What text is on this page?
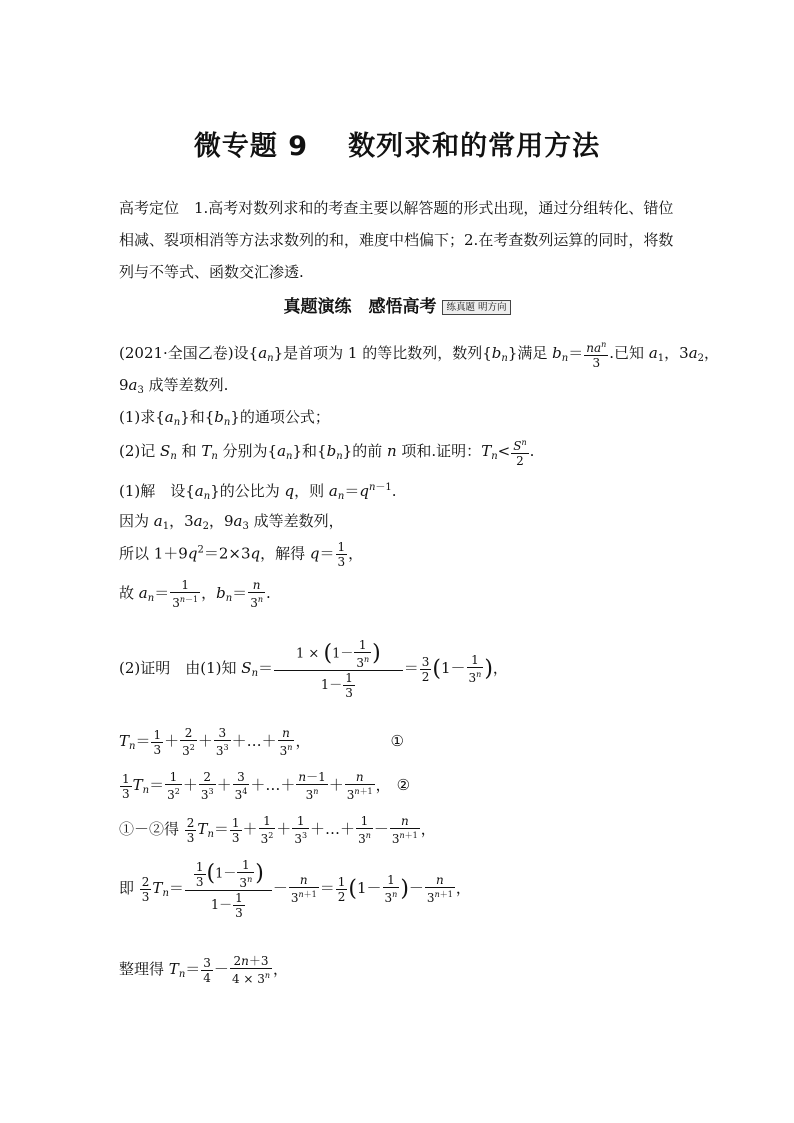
微专题 9 数列求和的常用方法
高考定位　1.高考对数列求和的考查主要以解答题的形式出现，通过分组转化、错位相减、裂项相消等方法求数列的和，难度中档偏下；2.在考查数列运算的同时，将数列与不等式、函数交汇渗透.
真题演练　感悟高考 练真题 明方向
(2021·全国乙卷)设$\{a_n\}$是首项为 1 的等比数列，数列$\{b_n\}$满足 $b_n= na^n$
3
.已知 $a_1$，$3a_2$，
$9a_3$ 成等差数列.
(1)求$\{a_n\}$和$\{b_n\}$的通项公式；
(2)记 $S_n$ 和 $T_n$ 分别为$\{a_n\}$和$\{b_n\}$的前 n 项和.证明：$T_n< \frac{S^n}{2}$ .
(1)解　设$\{a_n\}$的公比为 q，则 $a_n=q^{n-1}$.
因为 $a_1$，$3a_2$，$9a_3$ 成等差数列，
所以 $1+9q^2=2\times 3q$，解得 $q= \frac{1}{3}$ ，
故 $a_n= \frac{1}{3^{n-1}}$ ，$b_n= \frac{n}{3^n}$ .
(2)证明　由(1)知 $S_n= \frac{1 \times (1- \frac{1}{3^n} )}{1- \frac{1}{3}} = \frac{3}{2} (1- \frac{1}{3^n}$ )，
$T_n= \frac{1}{3} + \frac{2}{3^2} + \frac{3}{3^3}$ ＋…＋ $\frac{n}{3^n}$ ，	①
$\frac{1}{3} T_n= \frac{1}{3^2} + \frac{2}{3^3} + \frac{3}{3^4}$ ＋…＋ $\frac{n-1}{3^n} + \frac{n}{3^{n+1}}$ ， ②
①－②得 $\frac{2}{3} T_n= \frac{1}{3} + \frac{1}{3^2} + \frac{1}{3^3}$ ＋…＋ $\frac{1}{3^n} - \frac{n}{3^{n+1}}$ ，
即 $\frac{2}{3} T_n= \frac{\frac{1}{3} (1- \frac{1}{3^n} )}{1- \frac{1}{3}} - \frac{n}{3^{n+1}} = \frac{1}{2} (1- \frac{1}{3^n}$ )－ $\frac{n}{3^{n+1}}$ ，
整理得 $T_n= \frac{3}{4} - \frac{2n+3}{4 \times 3^n}$ ，
